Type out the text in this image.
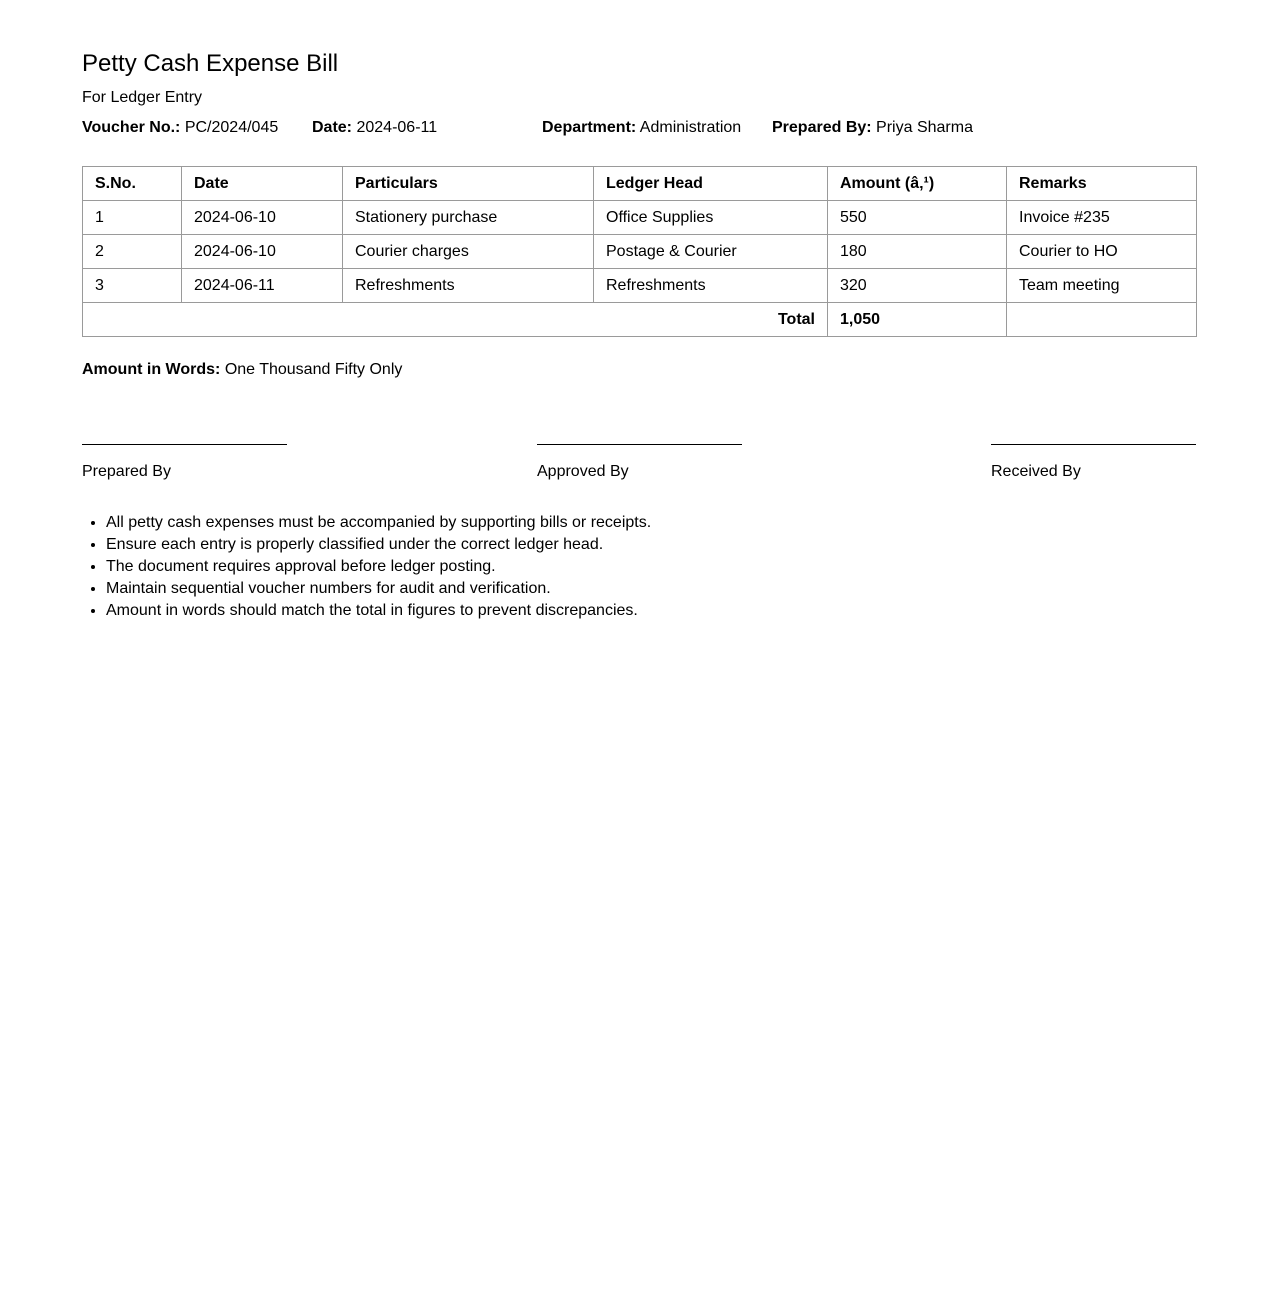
Petty Cash Expense Bill
For Ledger Entry
Voucher No.: PC/2024/045 Date: 2024-06-11	Department: Administration Prepared By: Priya Sharma
S.No.	Date	Particulars	Ledger Head	Amount (â‚¹)	Remarks
1	2024-06-10	Stationery purchase	Office Supplies	550	Invoice #235
2	2024-06-10	Courier charges	Postage & Courier	180	Courier to HO
3	2024-06-11	Refreshments	Refreshments	320	Team meeting
Total				1,050	
Amount in Words: One Thousand Fifty Only
Prepared By	Approved By	Received By
• All petty cash expenses must be accompanied by supporting bills or receipts.
• Ensure each entry is properly classified under the correct ledger head.
• The document requires approval before ledger posting.
• Maintain sequential voucher numbers for audit and verification.
• Amount in words should match the total in figures to prevent discrepancies.
